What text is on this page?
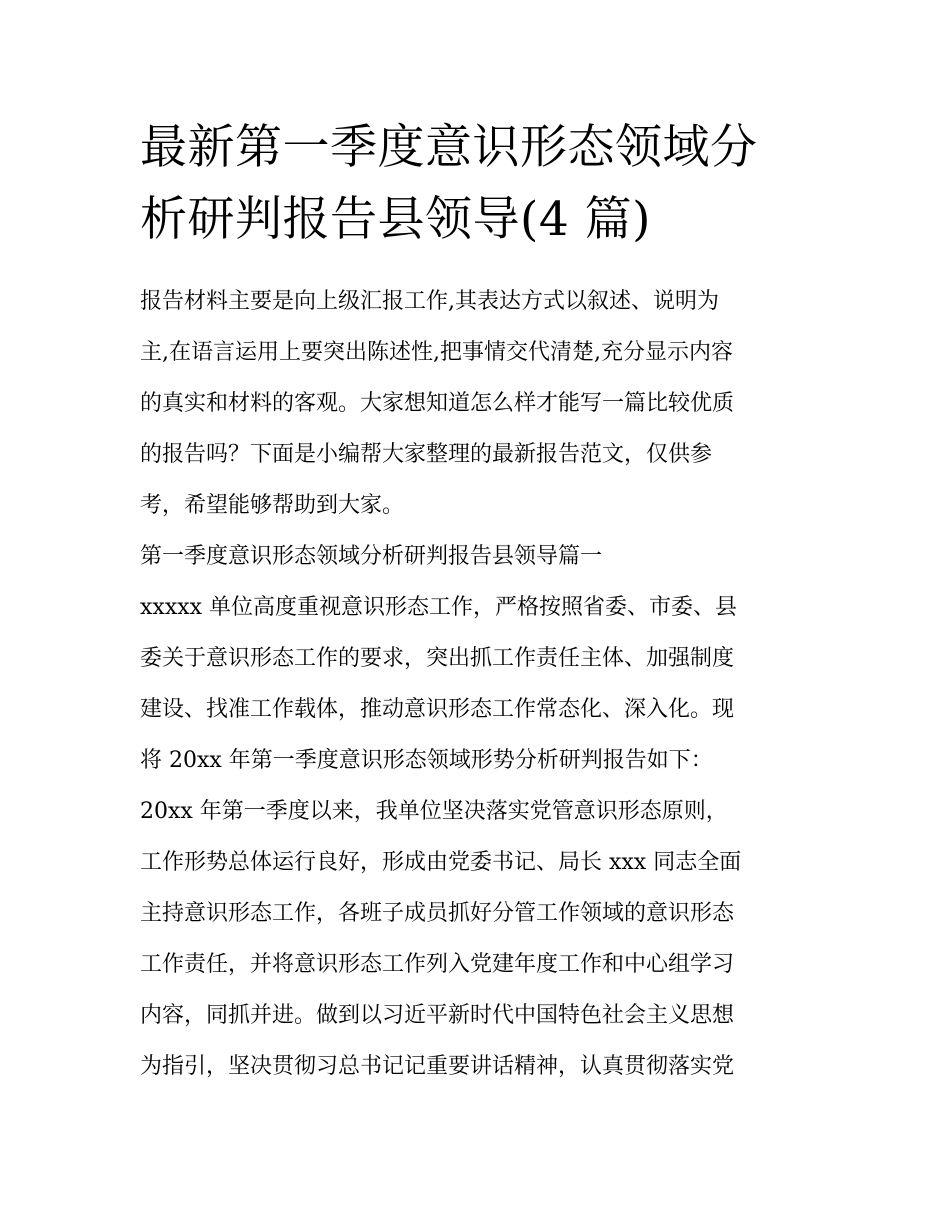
最新第一季度意识形态领域分
析研判报告县领导(4 篇)
报告材料主要是向上级汇报工作,其表达方式以叙述、说明为
主,在语言运用上要突出陈述性,把事情交代清楚,充分显示内容
的真实和材料的客观。大家想知道怎么样才能写一篇比较优质
的报告吗？下面是小编帮大家整理的最新报告范文，仅供参
考，希望能够帮助到大家。
第一季度意识形态领域分析研判报告县领导篇一
xxxxx 单位高度重视意识形态工作，严格按照省委、市委、县
委关于意识形态工作的要求，突出抓工作责任主体、加强制度
建设、找准工作载体，推动意识形态工作常态化、深入化。现
将 20xx 年第一季度意识形态领域形势分析研判报告如下：
20xx 年第一季度以来，我单位坚决落实党管意识形态原则，
工作形势总体运行良好，形成由党委书记、局长 xxx 同志全面
主持意识形态工作，各班子成员抓好分管工作领域的意识形态
工作责任，并将意识形态工作列入党建年度工作和中心组学习
内容，同抓并进。做到以习近平新时代中国特色社会主义思想
为指引，坚决贯彻习总书记记重要讲话精神，认真贯彻落实党
